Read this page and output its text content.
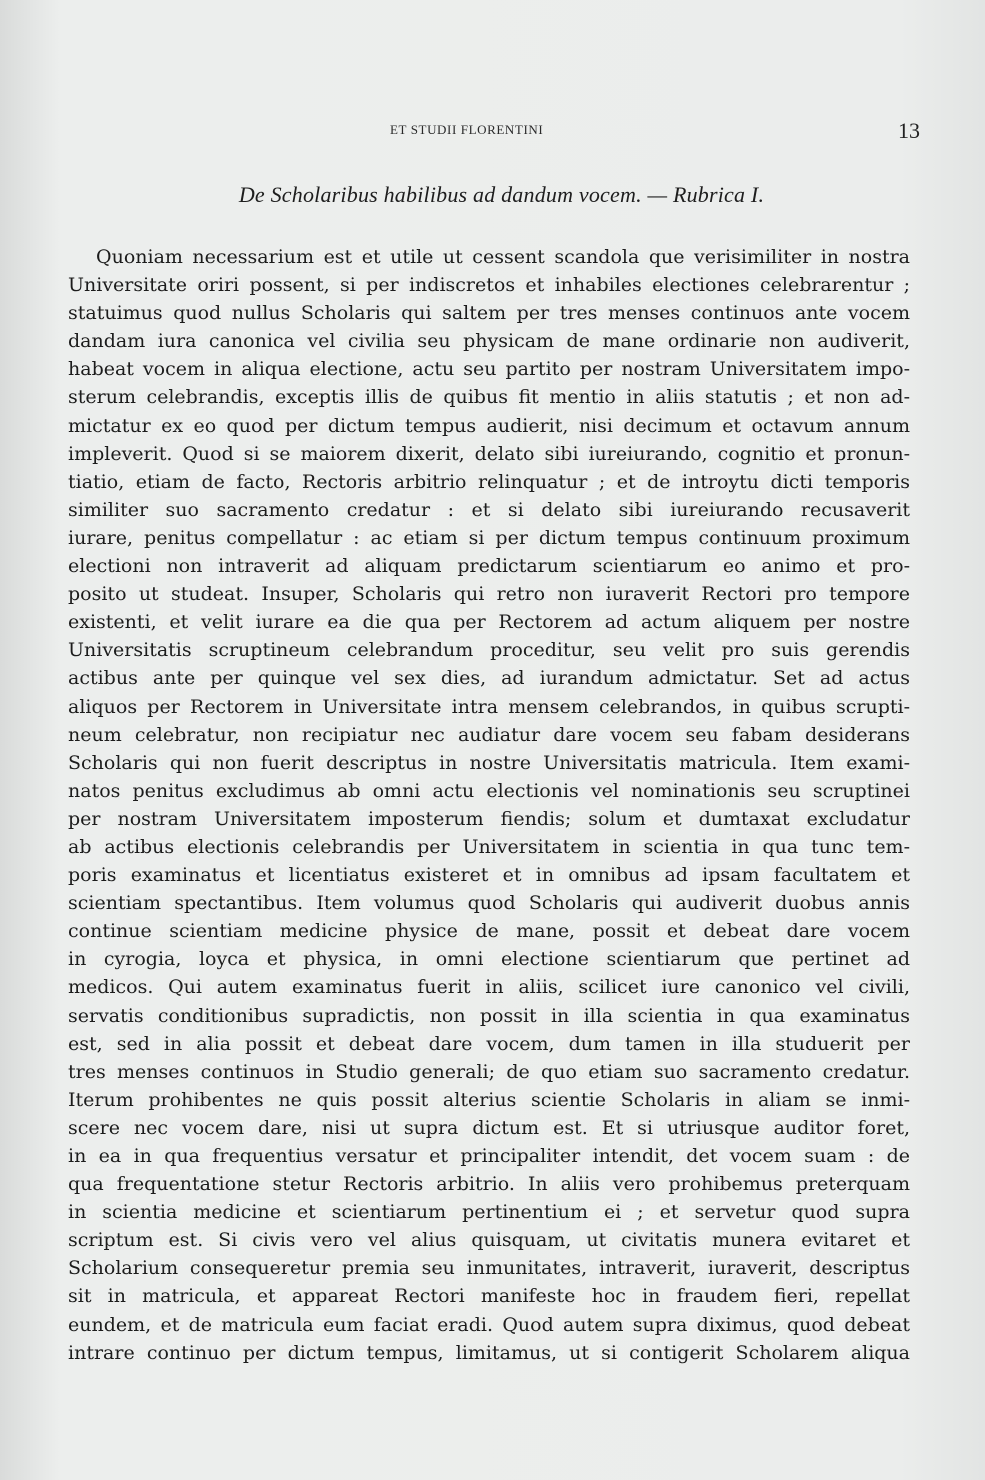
ET STUDII FLORENTINI	13
De Scholaribus habilibus ad dandum vocem. — Rubrica I.
Quoniam necessarium est et utile ut cessent scandola que verisimiliter in nostra
Universitate oriri possent, si per indiscretos et inhabiles electiones celebrarentur ;
statuimus quod nullus Scholaris qui saltem per tres menses continuos ante vocem
dandam iura canonica vel civilia seu physicam de mane ordinarie non audiverit,
habeat vocem in aliqua electione, actu seu partito per nostram Universitatem impo-
sterum celebrandis, exceptis illis de quibus fit mentio in aliis statutis ; et non ad-
mictatur ex eo quod per dictum tempus audierit, nisi decimum et octavum annum
impleverit. Quod si se maiorem dixerit, delato sibi iureiurando, cognitio et pronun-
tiatio, etiam de facto, Rectoris arbitrio relinquatur ; et de introytu dicti temporis
similiter suo sacramento credatur : et si delato sibi iureiurando recusaverit
iurare, penitus compellatur : ac etiam si per dictum tempus continuum proximum
electioni non intraverit ad aliquam predictarum scientiarum eo animo et pro-
posito ut studeat. Insuper, Scholaris qui retro non iuraverit Rectori pro tempore
existenti, et velit iurare ea die qua per Rectorem ad actum aliquem per nostre
Universitatis scruptineum celebrandum proceditur, seu velit pro suis gerendis
actibus ante per quinque vel sex dies, ad iurandum admictatur. Set ad actus
aliquos per Rectorem in Universitate intra mensem celebrandos, in quibus scrupti-
neum celebratur, non recipiatur nec audiatur dare vocem seu fabam desiderans
Scholaris qui non fuerit descriptus in nostre Universitatis matricula. Item exami-
natos penitus excludimus ab omni actu electionis vel nominationis seu scruptinei
per nostram Universitatem imposterum fiendis; solum et dumtaxat excludatur
ab actibus electionis celebrandis per Universitatem in scientia in qua tunc tem-
poris examinatus et licentiatus existeret et in omnibus ad ipsam facultatem et
scientiam spectantibus. Item volumus quod Scholaris qui audiverit duobus annis
continue scientiam medicine physice de mane, possit et debeat dare vocem
in cyrogia, loyca et physica, in omni electione scientiarum que pertinet ad
medicos. Qui autem examinatus fuerit in aliis, scilicet iure canonico vel civili,
servatis conditionibus supradictis, non possit in illa scientia in qua examinatus
est, sed in alia possit et debeat dare vocem, dum tamen in illa studuerit per
tres menses continuos in Studio generali; de quo etiam suo sacramento credatur.
Iterum prohibentes ne quis possit alterius scientie Scholaris in aliam se inmi-
scere nec vocem dare, nisi ut supra dictum est. Et si utriusque auditor foret,
in ea in qua frequentius versatur et principaliter intendit, det vocem suam : de
qua frequentatione stetur Rectoris arbitrio. In aliis vero prohibemus preterquam
in scientia medicine et scientiarum pertinentium ei ; et servetur quod supra
scriptum est. Si civis vero vel alius quisquam, ut civitatis munera evitaret et
Scholarium consequeretur premia seu inmunitates, intraverit, iuraverit, descriptus
sit in matricula, et appareat Rectori manifeste hoc in fraudem fieri, repellat
eundem, et de matricula eum faciat eradi. Quod autem supra diximus, quod debeat
intrare continuo per dictum tempus, limitamus, ut si contigerit Scholarem aliqua
